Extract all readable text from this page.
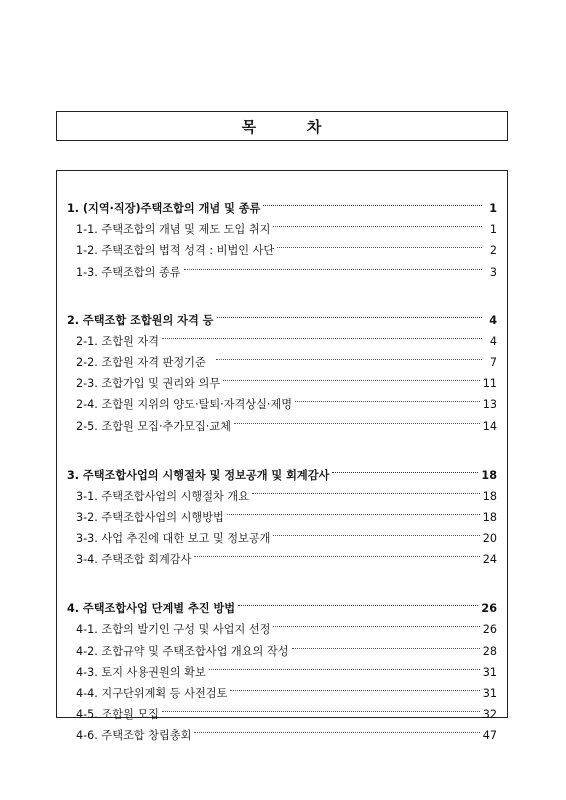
목        차
1. (지역·직장)주택조합의 개념 및 종류	1
1-1. 주택조합의 개념 및 제도 도입 취지	1
1-2. 주택조합의 법적 성격 : 비법인 사단	2
1-3. 주택조합의 종류	3
2. 주택조합 조합원의 자격 등	4
2-1. 조합원 자격	4
2-2. 조합원 자격 판정기준	7
2-3. 조합가입 및 권리와 의무	11
2-4. 조합원 지위의 양도·탈퇴·자격상실·제명	13
2-5. 조합원 모집·추가모집·교체	14
3. 주택조합사업의 시행절차 및 정보공개 및 회계감사	18
3-1. 주택조합사업의 시행절차 개요	18
3-2. 주택조합사업의 시행방법	18
3-3. 사업 추진에 대한 보고 및 정보공개	20
3-4. 주택조합 회계감사	24
4. 주택조합사업 단계별 추진 방법	26
4-1. 조합의 발기인 구성 및 사업지 선정	26
4-2. 조합규약 및 주택조합사업 개요의 작성	28
4-3. 토지 사용권원의 확보	31
4-4. 지구단위계획 등 사전검토	31
4-5. 조합원 모집	32
4-6. 주택조합 창립총회	47
